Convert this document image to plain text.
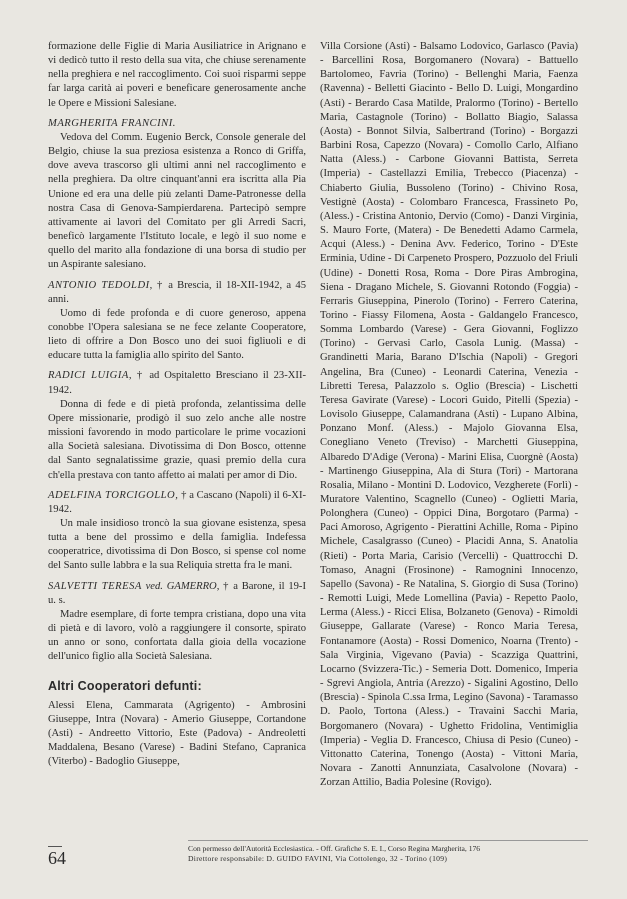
formazione delle Figlie di Maria Ausiliatrice in Arignano e vi dedicò tutto il resto della sua vita, che chiuse serenamente nella preghiera e nel raccoglimento. Coi suoi risparmi seppe far larga carità ai poveri e beneficare generosamente anche le Opere e Missioni Salesiane.

MARGHERITA FRANCINI.

Vedova del Comm. Eugenio Berck, Console generale del Belgio, chiuse la sua preziosa esistenza a Ronco di Griffa, dove aveva trascorso gli ultimi anni nel raccoglimento e nella preghiera. Da oltre cinquant'anni era iscritta alla Pia Unione ed era una delle più zelanti Dame-Patronesse della nostra Casa di Genova-Sampierdarena. Partecipò sempre attivamente ai lavori del Comitato per gli Arredi Sacri, beneficò largamente l'Istituto locale, e legò il suo nome e quello del marito alla fondazione di una borsa di studio per un Aspirante salesiano.

ANTONIO TEDOLDI, † a Brescia, il 18-XII-1942, a 45 anni.

Uomo di fede profonda e di cuore generoso, appena conobbe l'Opera salesiana se ne fece zelante Cooperatore, lieto di offrire a Don Bosco uno dei suoi figliuoli e di educare tutta la famiglia allo spirito del Santo.

RADICI LUIGIA, † ad Ospitaletto Bresciano il 23-XII-1942.

Donna di fede e di pietà profonda, zelantissima delle Opere missionarie, prodigò il suo zelo anche alle nostre missioni favorendo in modo particolare le prime vocazioni alla Società salesiana. Divotissima di Don Bosco, ottenne dal Santo segnalatissime grazie, quasi premio della cura ch'ella prestava con tanto affetto ai malati per amor di Dio.

ADELFINA TORCIGOLLO, † a Cascano (Napoli) il 6-XI-1942.

Un male insidioso troncò la sua giovane esistenza, spesa tutta a bene del prossimo e della famiglia. Indefessa cooperatrice, divotissima di Don Bosco, si spense col nome del Santo sulle labbra e la sua Reliquia stretta fra le mani.

SALVETTI TERESA ved. GAMERRO, † a Barone, il 19-I u. s.

Madre esemplare, di forte tempra cristiana, dopo una vita di pietà e di lavoro, volò a raggiungere il consorte, spirato un anno or sono, confortata dalla gioia della vocazione dell'unico figlio alla Società Salesiana.

Altri Cooperatori defunti:

Alessi Elena, Cammarata (Agrigento) - Ambrosini Giuseppe, Intra (Novara) - Amerio Giuseppe, Cortandone (Asti) - Andreetto Vittorio, Este (Padova) - Andreoletti Maddalena, Besano (Varese) - Badini Stefano, Capranica (Viterbo) - Badoglio Giuseppe,

Villa Corsione (Asti) - Balsamo Lodovico, Garlasco (Pavia) - Barcellini Rosa, Borgomanero (Novara) - Battuello Bartolomeo, Favria (Torino) - Bellenghi Maria, Faenza (Ravenna) - Belletti Giacinto - Bello D. Luigi, Mongardino (Asti) - Berardo Casa Matilde, Pralormo (Torino) - Bertello Maria, Castagnole (Torino) - Bollatto Biagio, Salassa (Aosta) - Bonnot Silvia, Salbertrand (Torino) - Borgazzi Barbini Rosa, Capezzo (Novara) - Comollo Carlo, Alfiano Natta (Aless.) - Carbone Giovanni Battista, Serreta (Imperia) - Castellazzi Emilia, Trebecco (Piacenza) - Chiaberto Giulia, Bussoleno (Torino) - Chivino Rosa, Vestignè (Aosta) - Colombaro Francesca, Frassineto Po, (Aless.) - Cristina Antonio, Dervio (Como) - Danzi Virginia, S. Mauro Forte, (Matera) - De Benedetti Adamo Carmela, Acqui (Aless.) - Denina Avv. Federico, Torino - D'Este Erminia, Udine - Di Carpeneto Prospero, Pozzuolo del Friuli (Udine) - Donetti Rosa, Roma - Dore Piras Ambrogina, Siena - Dragano Michele, S. Giovanni Rotondo (Foggia) - Ferraris Giuseppina, Pinerolo (Torino) - Ferrero Caterina, Torino - Fiassy Filomena, Aosta - Galdangelo Francesco, Somma Lombardo (Varese) - Gera Giovanni, Foglizzo (Torino) - Gervasi Carlo, Casola Lunig. (Massa) - Grandinetti Maria, Barano D'Ischia (Napoli) - Gregori Angelina, Bra (Cuneo) - Leonardi Caterina, Venezia - Libretti Teresa, Palazzolo s. Oglio (Brescia) - Lischetti Teresa Gavirate (Varese) - Locori Guido, Pitelli (Spezia) - Lovisolo Giuseppe, Calamandrana (Asti) - Lupano Albina, Ponzano Monf. (Aless.) - Majolo Giovanna Elsa, Conegliano Veneto (Treviso) - Marchetti Giuseppina, Albaredo D'Adige (Verona) - Marini Elisa, Cuorgnè (Aosta) - Martinengo Giuseppina, Ala di Stura (Tori) - Martorana Rosalia, Milano - Montini D. Lodovico, Vezgherete (Forlì) - Muratore Valentino, Scagnello (Cuneo) - Oglietti Maria, Polonghera (Cuneo) - Oppici Dina, Borgotaro (Parma) - Paci Amoroso, Agrigento - Pierattini Achille, Roma - Pipino Michele, Casalgrasso (Cuneo) - Placidi Anna, S. Anatolia (Rieti) - Porta Maria, Carisio (Vercelli) - Quattrocchi D. Tomaso, Anagni (Frosinone) - Ramognini Innocenzo, Sapello (Savona) - Re Natalina, S. Giorgio di Susa (Torino) - Remotti Luigi, Mede Lomellina (Pavia) - Repetto Paolo, Lerma (Aless.) - Ricci Elisa, Bolzaneto (Genova) - Rimoldi Giuseppe, Gallarate (Varese) - Ronco Maria Teresa, Fontanamore (Aosta) - Rossi Domenico, Noarna (Trento) - Sala Virginia, Vigevano (Pavia) - Scazziga Quattrini, Locarno (Svizzera-Tic.) - Semeria Dott. Domenico, Imperia - Sgrevi Angiola, Antria (Arezzo) - Sigalini Agostino, Dello (Brescia) - Spinola C.ssa Irma, Legino (Savona) - Taramasso D. Paolo, Tortona (Aless.) - Travaini Sacchi Maria, Borgomanero (Novara) - Ughetto Fridolina, Ventimiglia (Imperia) - Veglia D. Francesco, Chiusa di Pesio (Cuneo) - Vittonatto Caterina, Tonengo (Aosta) - Vittoni Maria, Novara - Zanotti Annunziata, Casalvolone (Novara) - Zorzan Attilio, Badia Polesine (Rovigo).

64	Con permesso dell'Autorità Ecclesiastica. - Off. Grafiche S. E. I., Corso Regina Margherita, 176
Direttore responsabile: D. GUIDO FAVINI, Via Cottolengo, 32 - Torino (109)
